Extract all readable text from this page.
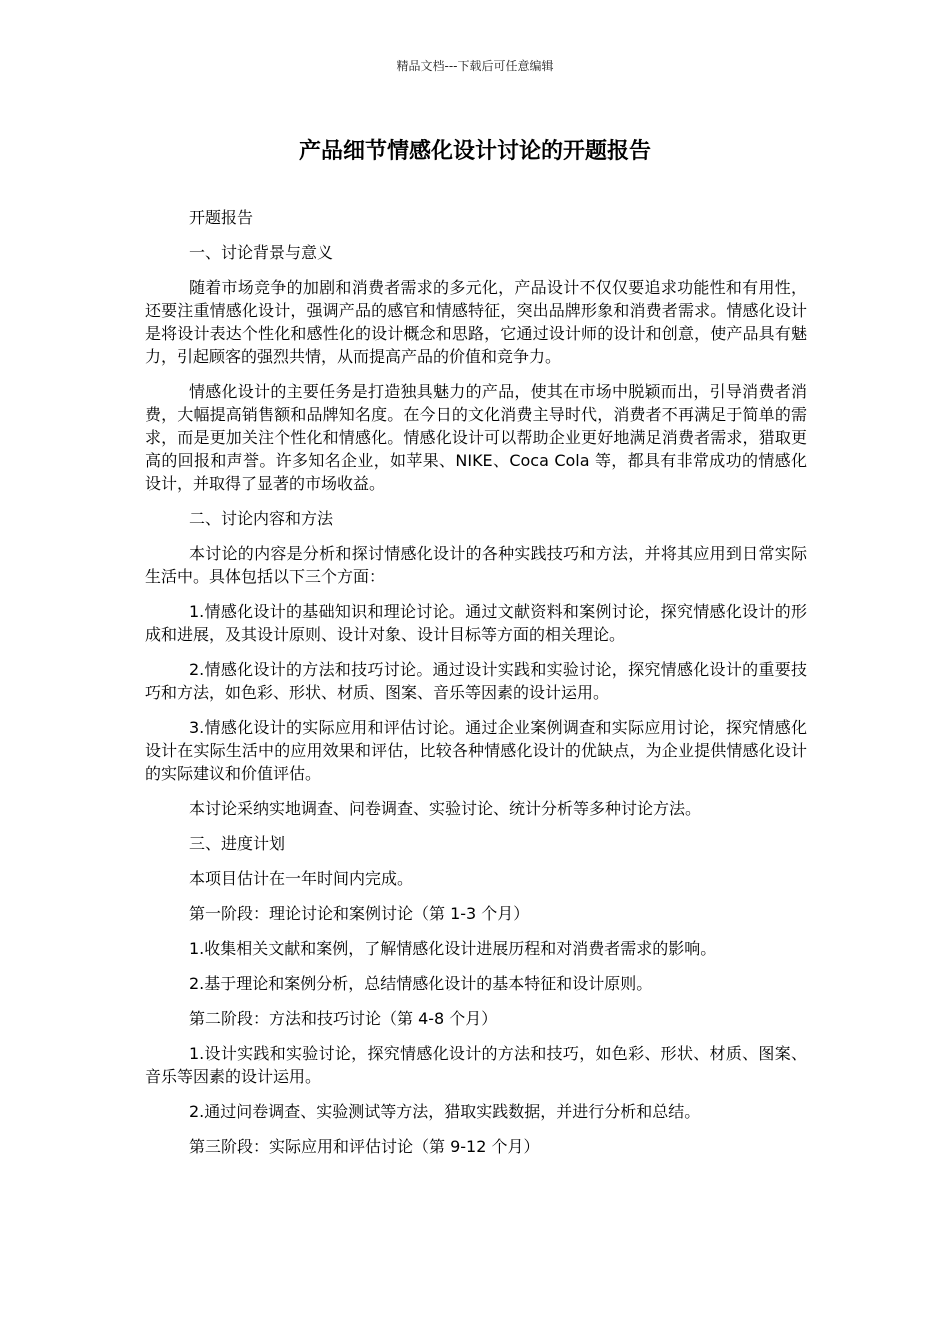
精品文档---下载后可任意编辑
产品细节情感化设计讨论的开题报告

开题报告

一、讨论背景与意义

随着市场竞争的加剧和消费者需求的多元化，产品设计不仅仅要追求功能性和有用性，还要注重情感化设计，强调产品的感官和情感特征，突出品牌形象和消费者需求。情感化设计是将设计表达个性化和感性化的设计概念和思路，它通过设计师的设计和创意，使产品具有魅力，引起顾客的强烈共情，从而提高产品的价值和竞争力。

情感化设计的主要任务是打造独具魅力的产品，使其在市场中脱颖而出，引导消费者消费，大幅提高销售额和品牌知名度。在今日的文化消费主导时代，消费者不再满足于简单的需求，而是更加关注个性化和情感化。情感化设计可以帮助企业更好地满足消费者需求，猎取更高的回报和声誉。许多知名企业，如苹果、NIKE、Coca Cola 等，都具有非常成功的情感化设计，并取得了显著的市场收益。

二、讨论内容和方法

本讨论的内容是分析和探讨情感化设计的各种实践技巧和方法，并将其应用到日常实际生活中。具体包括以下三个方面：

1.情感化设计的基础知识和理论讨论。通过文献资料和案例讨论，探究情感化设计的形成和进展，及其设计原则、设计对象、设计目标等方面的相关理论。

2.情感化设计的方法和技巧讨论。通过设计实践和实验讨论，探究情感化设计的重要技巧和方法，如色彩、形状、材质、图案、音乐等因素的设计运用。

3.情感化设计的实际应用和评估讨论。通过企业案例调查和实际应用讨论，探究情感化设计在实际生活中的应用效果和评估，比较各种情感化设计的优缺点，为企业提供情感化设计的实际建议和价值评估。

本讨论采纳实地调查、问卷调查、实验讨论、统计分析等多种讨论方法。

三、进度计划

本项目估计在一年时间内完成。

第一阶段：理论讨论和案例讨论（第 1-3 个月）

1.收集相关文献和案例，了解情感化设计进展历程和对消费者需求的影响。

2.基于理论和案例分析，总结情感化设计的基本特征和设计原则。

第二阶段：方法和技巧讨论（第 4-8 个月）

1.设计实践和实验讨论，探究情感化设计的方法和技巧，如色彩、形状、材质、图案、音乐等因素的设计运用。

2.通过问卷调查、实验测试等方法，猎取实践数据，并进行分析和总结。

第三阶段：实际应用和评估讨论（第 9-12 个月）
